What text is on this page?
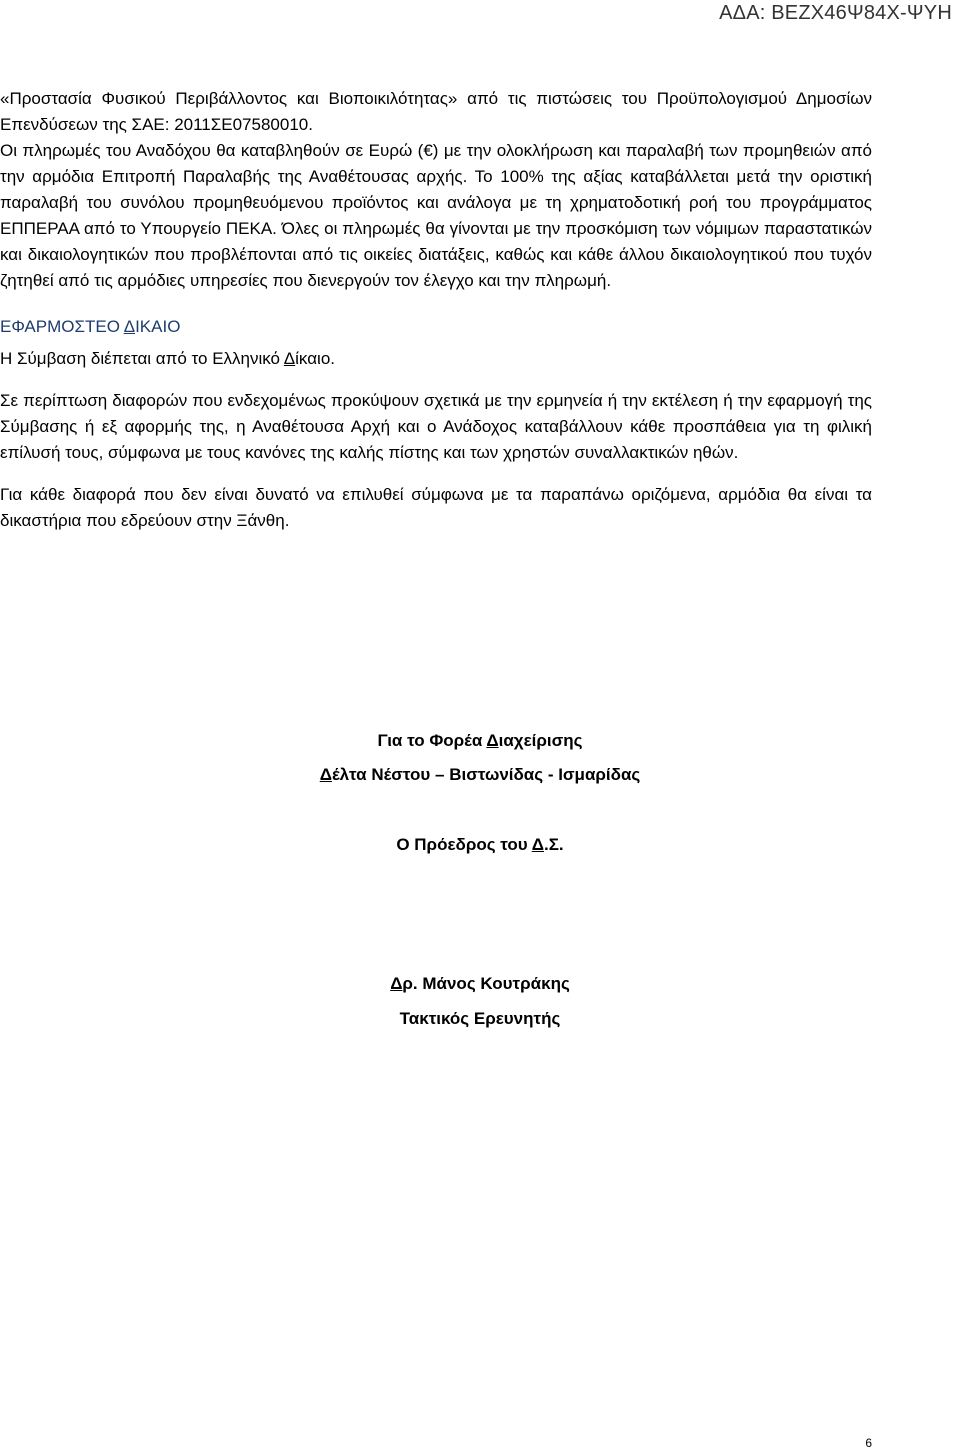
ΑΔΑ: ΒΕΖΧ46Ψ84Χ-ΨΥΗ

«Προστασία Φυσικού Περιβάλλοντος και Βιοποικιλότητας» από τις πιστώσεις του Προϋπολογισμού Δημοσίων Επενδύσεων της ΣΑΕ: 2011ΣΕ07580010.

Οι πληρωμές του Αναδόχου θα καταβληθούν σε Ευρώ (€) με την ολοκλήρωση και παραλαβή των προμηθειών από την αρμόδια Επιτροπή Παραλαβής της Αναθέτουσας αρχής. Το 100% της αξίας καταβάλλεται μετά την οριστική παραλαβή του συνόλου προμηθευόμενου προϊόντος και ανάλογα με τη χρηματοδοτική ροή του προγράμματος ΕΠΠΕΡΑΑ από το Υπουργείο ΠΕΚΑ. Όλες οι πληρωμές θα γίνονται με την προσκόμιση των νόμιμων παραστατικών και δικαιολογητικών που προβλέπονται από τις οικείες διατάξεις, καθώς και κάθε άλλου δικαιολογητικού που τυχόν ζητηθεί από τις αρμόδιες υπηρεσίες που διενεργούν τον έλεγχο και την πληρωμή.

ΕΦΑΡΜΟΣΤΕΟ ΔΙΚΑΙΟ

Η Σύμβαση διέπεται από το Ελληνικό Δίκαιο.

Σε περίπτωση διαφορών που ενδεχομένως προκύψουν σχετικά με την ερμηνεία ή την εκτέλεση ή την εφαρμογή της Σύμβασης ή εξ αφορμής της, η Αναθέτουσα Αρχή και ο Ανάδοχος καταβάλλουν κάθε προσπάθεια για τη φιλική επίλυσή τους, σύμφωνα με τους κανόνες της καλής πίστης και των χρηστών συναλλακτικών ηθών.

Για κάθε διαφορά που δεν είναι δυνατό να επιλυθεί σύμφωνα με τα παραπάνω οριζόμενα, αρμόδια θα είναι τα δικαστήρια που εδρεύουν στην Ξάνθη.

Για το Φορέα Διαχείρισης
Δέλτα Νέστου – Βιστωνίδας - Ισμαρίδας
Ο Πρόεδρος του Δ.Σ.
Δρ. Μάνος Κουτράκης
Τακτικός Ερευνητής
6
